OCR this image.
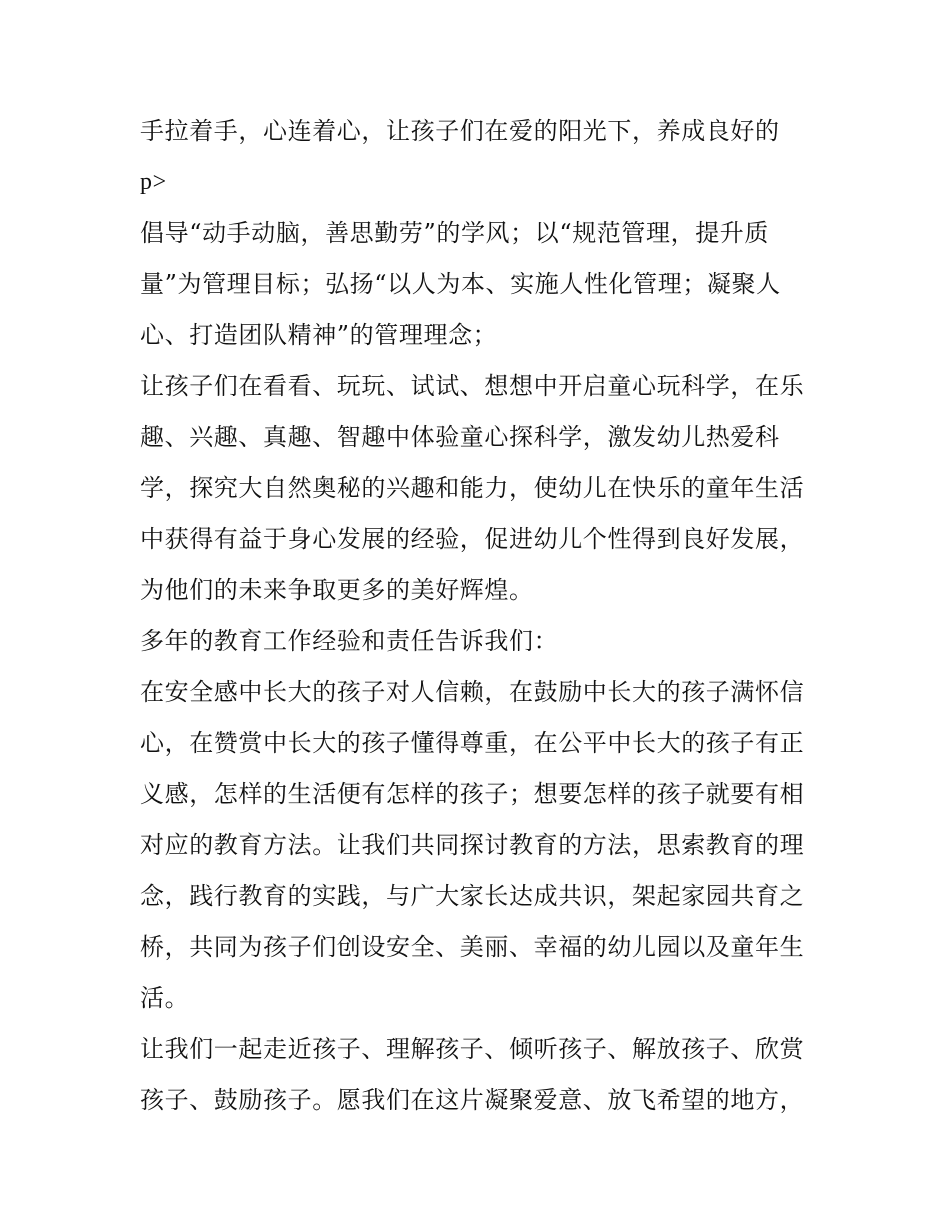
手拉着手，心连着心，让孩子们在爱的阳光下，养成良好的
p>
倡导“动手动脑，善思勤劳”的学风；以“规范管理，提升质
量”为管理目标；弘扬“以人为本、实施人性化管理；凝聚人
心、打造团队精神”的管理理念；
让孩子们在看看、玩玩、试试、想想中开启童心玩科学，在乐
趣、兴趣、真趣、智趣中体验童心探科学，激发幼儿热爱科
学，探究大自然奥秘的兴趣和能力，使幼儿在快乐的童年生活
中获得有益于身心发展的经验，促进幼儿个性得到良好发展，
为他们的未来争取更多的美好辉煌。
多年的教育工作经验和责任告诉我们：
在安全感中长大的孩子对人信赖，在鼓励中长大的孩子满怀信
心，在赞赏中长大的孩子懂得尊重，在公平中长大的孩子有正
义感，怎样的生活便有怎样的孩子；想要怎样的孩子就要有相
对应的教育方法。让我们共同探讨教育的方法，思索教育的理
念，践行教育的实践，与广大家长达成共识，架起家园共育之
桥，共同为孩子们创设安全、美丽、幸福的幼儿园以及童年生
活。
让我们一起走近孩子、理解孩子、倾听孩子、解放孩子、欣赏
孩子、鼓励孩子。愿我们在这片凝聚爱意、放飞希望的地方，
